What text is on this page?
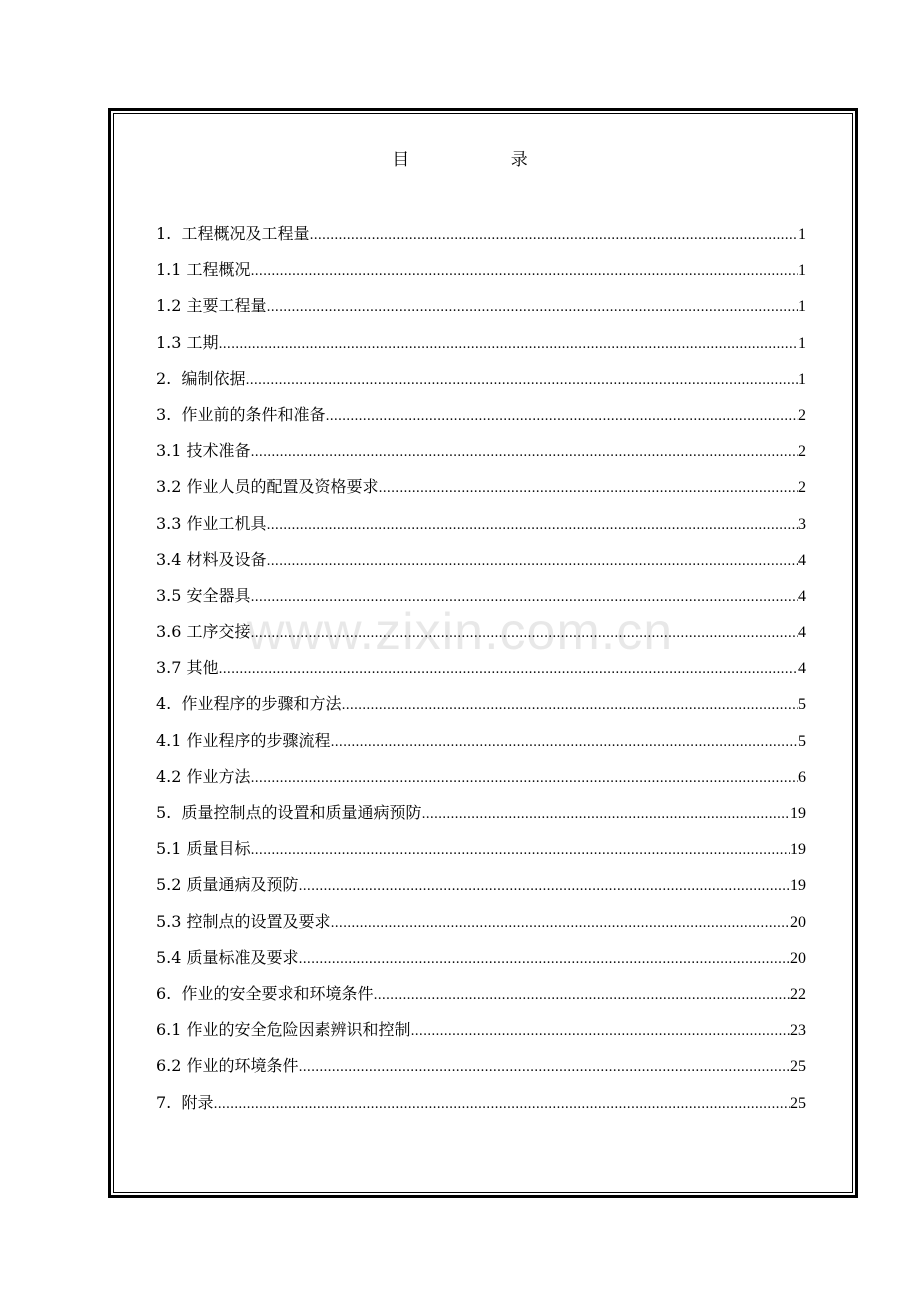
目 录
1. 工程概况及工程量 .....	1
1.1 工程概况 .....	1
1.2 主要工程量 .....	1
1.3 工期 .....	1
2. 编制依据 .....	1
3. 作业前的条件和准备 .....	2
3.1 技术准备 .....	2
3.2 作业人员的配置及资格要求 .....	2
3.3 作业工机具 .....	3
3.4 材料及设备 .....	4
3.5 安全器具 .....	4
3.6 工序交接 .....	4
3.7 其他 .....	4
4. 作业程序的步骤和方法 .....	5
4.1 作业程序的步骤流程 .....	5
4.2 作业方法 .....	6
5. 质量控制点的设置和质量通病预防 .....	19
5.1 质量目标 .....	19
5.2 质量通病及预防 .....	19
5.3 控制点的设置及要求 .....	20
5.4 质量标准及要求 .....	20
6. 作业的安全要求和环境条件 .....	22
6.1 作业的安全危险因素辨识和控制 .....	23
6.2 作业的环境条件 .....	25
7. 附录 .....	25
www.zixin.com.cn
